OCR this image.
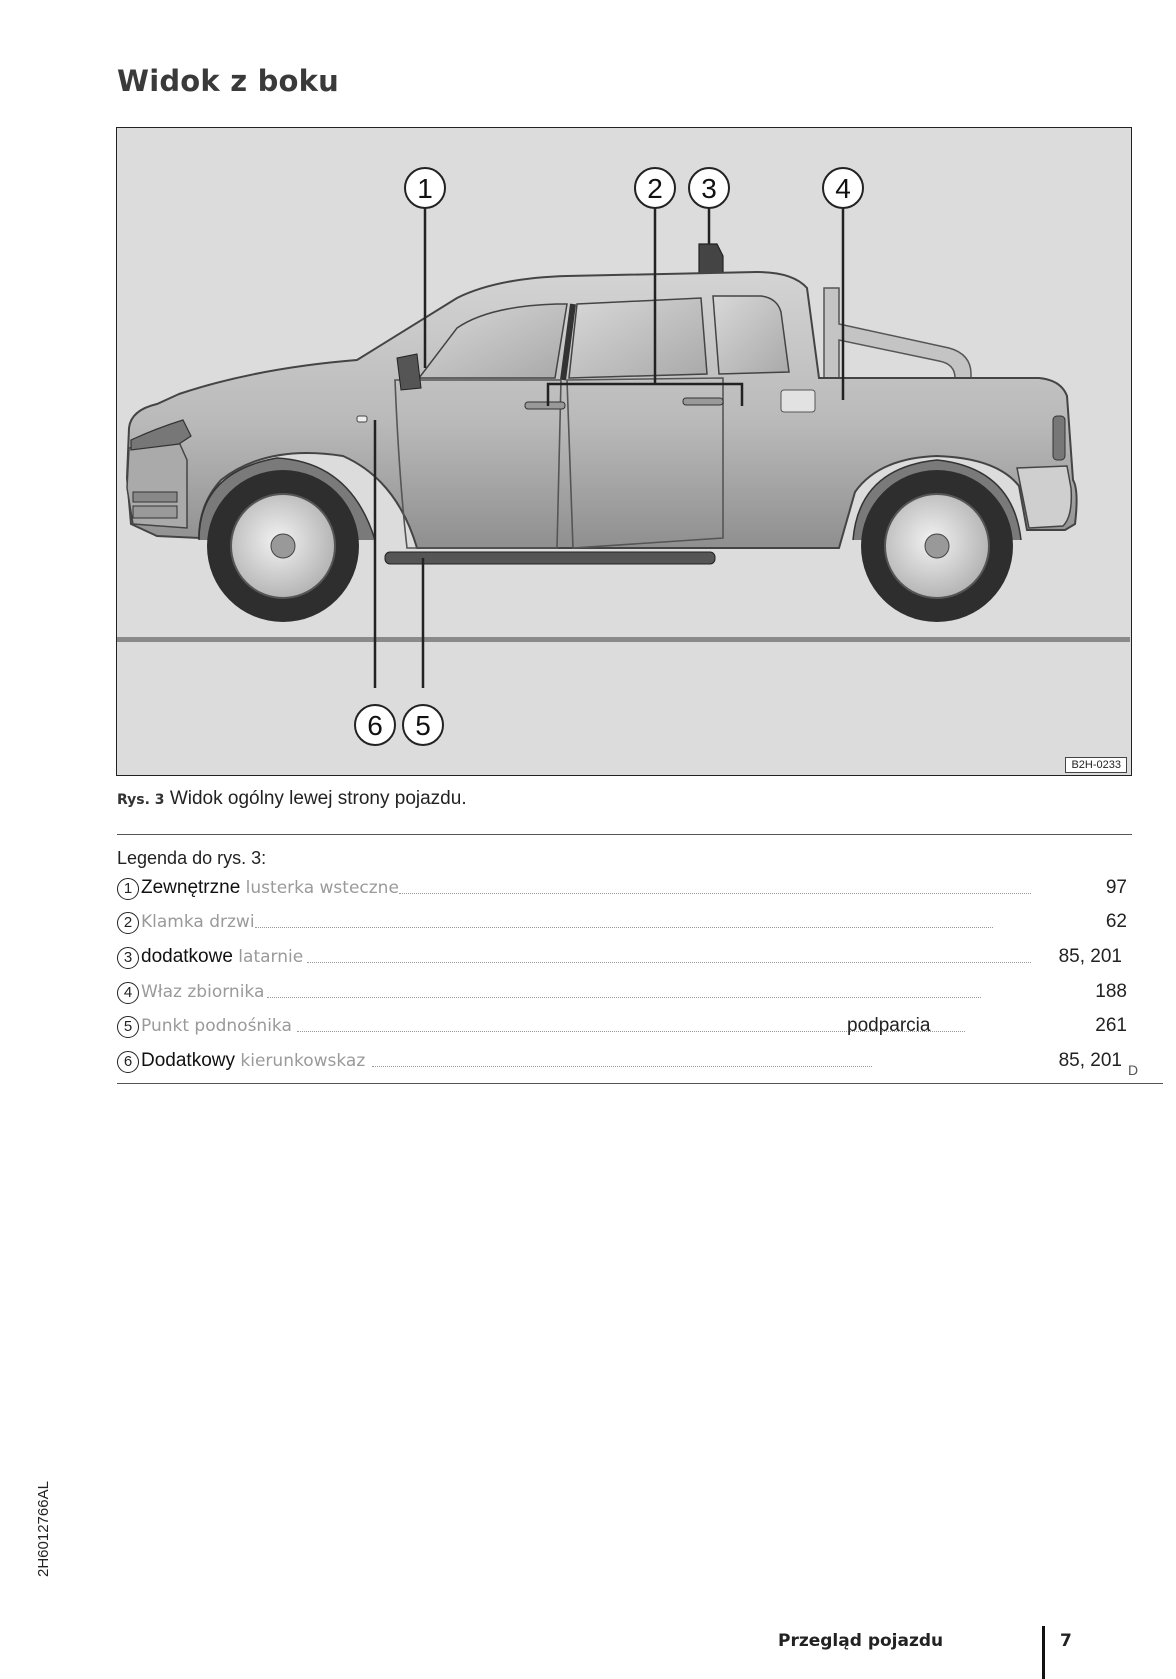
Widok z boku
1	2 3	4
5
6
B2H-0233
Rys. 3 Widok ogólny lewej strony pojazdu.
Legenda do rys. 3:
1 Zewnętrzne lusterka wsteczne	97
2 Klamka drzwi	62
3 dodatkowe latarnie	85, 201
4 Właz zbiornika	188
5 Punkt podnośnika	podparcia	261
6 Dodatkowy kierunkowskaz	85, 201 D
2H6012766AL
Przegląd pojazdu	7
